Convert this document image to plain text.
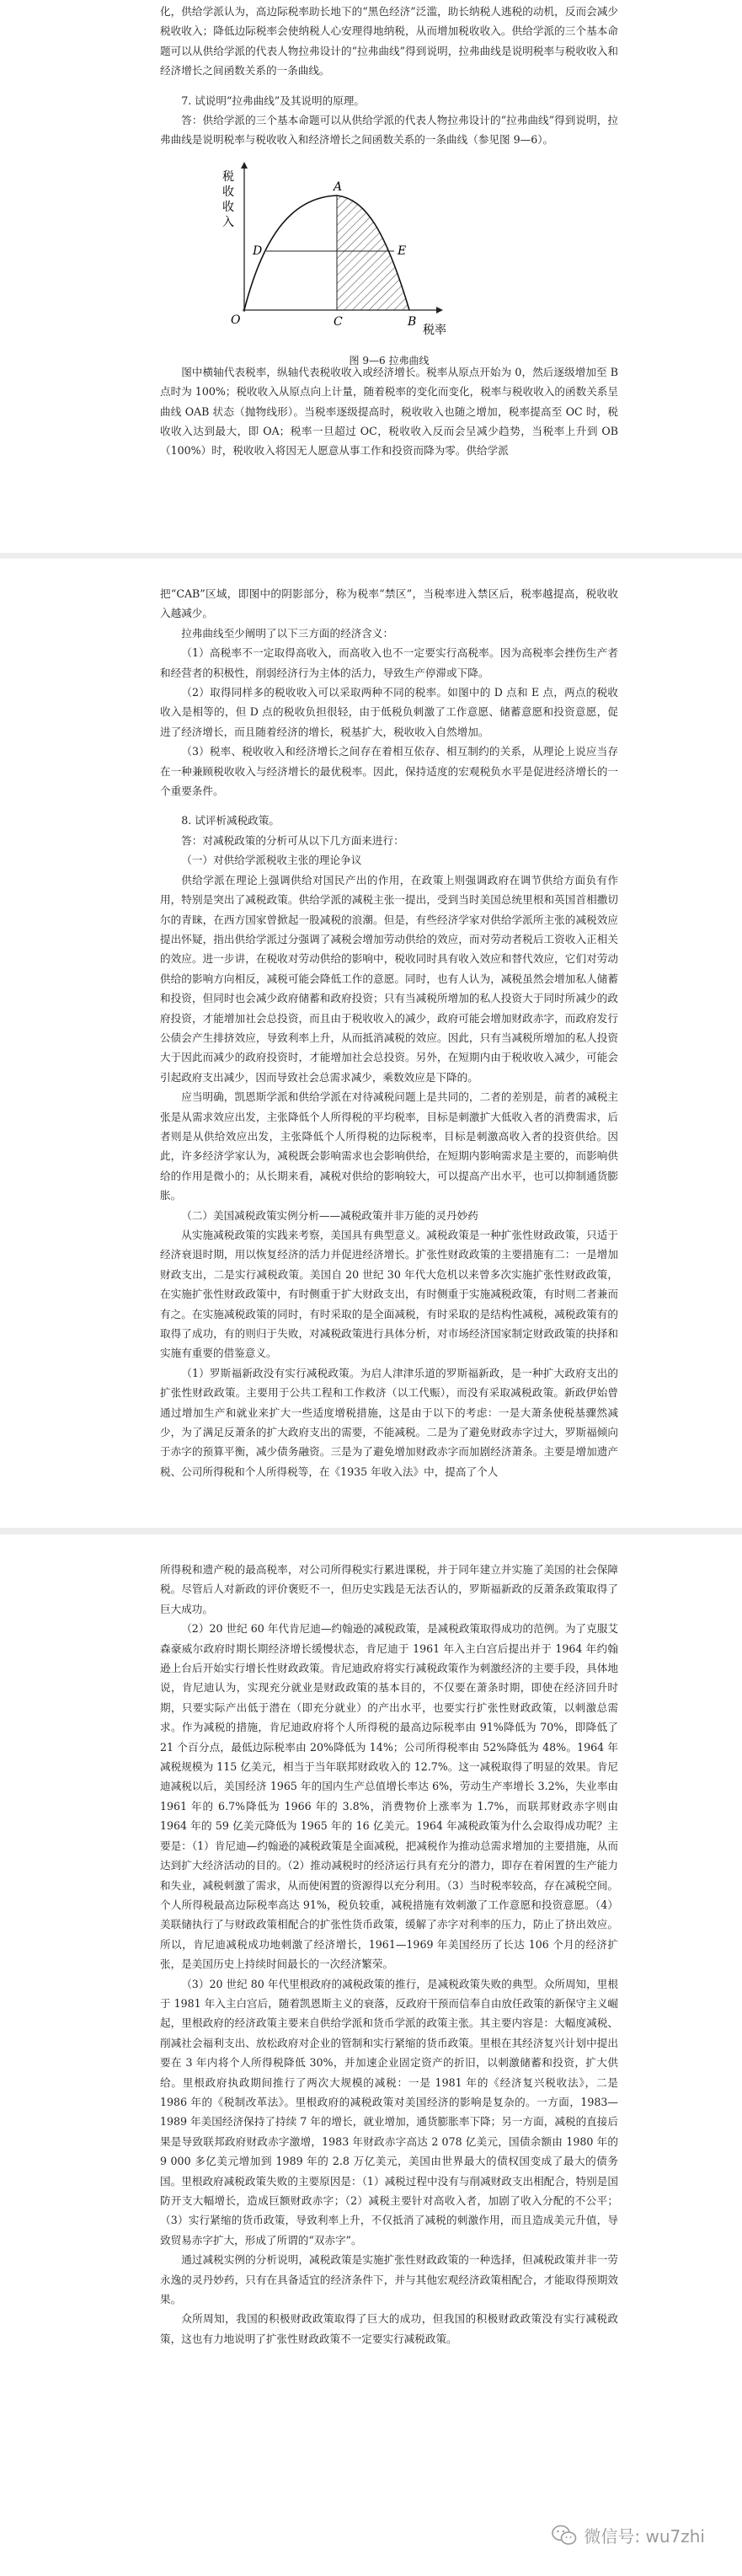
化，供给学派认为，高边际税率助长地下的“黑色经济”泛滥，助长纳税人逃税的动机，反而会减少税收收入；降低边际税率会使纳税人心安理得地纳税，从而增加税收收入。供给学派的三个基本命题可以从供给学派的代表人物拉弗设计的“拉弗曲线”得到说明，拉弗曲线是说明税率与税收收入和经济增长之间函数关系的一条曲线。

7. 试说明“拉弗曲线”及其说明的原理。

答：供给学派的三个基本命题可以从供给学派的代表人物拉弗设计的“拉弗曲线”得到说明，拉弗曲线是说明税率与税收收入和经济增长之间函数关系的一条曲线（参见图 9—6）。

税
收
收
入
A
D	E
O	C	B
税率
图 9—6 拉弗曲线

图中横轴代表税率，纵轴代表税收收入或经济增长。税率从原点开始为 0，然后逐级增加至 B 点时为 100%；税收收入从原点向上计量，随着税率的变化而变化，税率与税收收入的函数关系呈曲线 OAB 状态（抛物线形）。当税率逐级提高时，税收收入也随之增加，税率提高至 OC 时，税收收入达到最大，即 OA；税率一旦超过 OC，税收收入反而会呈减少趋势，当税率上升到 OB（100%）时，税收收入将因无人愿意从事工作和投资而降为零。供给学派

把“CAB”区域，即图中的阴影部分，称为税率“禁区”，当税率进入禁区后，税率越提高，税收收入越减少。

拉弗曲线至少阐明了以下三方面的经济含义：

（1）高税率不一定取得高收入，而高收入也不一定要实行高税率。因为高税率会挫伤生产者和经营者的积极性，削弱经济行为主体的活力，导致生产停滞或下降。

（2）取得同样多的税收收入可以采取两种不同的税率。如图中的 D 点和 E 点，两点的税收收入是相等的，但 D 点的税收负担很轻，由于低税负刺激了工作意愿、储蓄意愿和投资意愿，促进了经济增长，而且随着经济的增长，税基扩大，税收收入自然增加。

（3）税率、税收收入和经济增长之间存在着相互依存、相互制约的关系，从理论上说应当存在一种兼顾税收收入与经济增长的最优税率。因此，保持适度的宏观税负水平是促进经济增长的一个重要条件。

8. 试评析减税政策。

答：对减税政策的分析可从以下几方面来进行：

（一）对供给学派税收主张的理论争议

供给学派在理论上强调供给对国民产出的作用，在政策上则强调政府在调节供给方面负有作用，特别是突出了减税政策。供给学派的减税主张一提出，受到当时美国总统里根和英国首相撒切尔的青睐，在西方国家曾掀起一股减税的浪潮。但是，有些经济学家对供给学派所主张的减税效应提出怀疑，指出供给学派过分强调了减税会增加劳动供给的效应，而对劳动者税后工资收入正相关的效应。进一步讲，在税收对劳动供给的影响中，税收同时具有收入效应和替代效应，它们对劳动供给的影响方向相反，减税可能会降低工作的意愿。同时，也有人认为，减税虽然会增加私人储蓄和投资，但同时也会减少政府储蓄和政府投资；只有当减税所增加的私人投资大于同时所减少的政府投资，才能增加社会总投资，而且由于税收收入的减少，政府可能会增加财政赤字，而政府发行公债会产生排挤效应，导致利率上升，从而抵消减税的效应。因此，只有当减税所增加的私人投资大于因此而减少的政府投资时，才能增加社会总投资。另外，在短期内由于税收收入减少，可能会引起政府支出减少，因而导致社会总需求减少，乘数效应是下降的。

应当明确，凯恩斯学派和供给学派在对待减税问题上是共同的，二者的差别是，前者的减税主张是从需求效应出发，主张降低个人所得税的平均税率，目标是刺激扩大低收入者的消费需求，后者则是从供给效应出发，主张降低个人所得税的边际税率，目标是刺激高收入者的投资供给。因此，许多经济学家认为，减税既会影响需求也会影响供给，在短期内影响需求是主要的，而影响供给的作用是微小的；从长期来看，减税对供给的影响较大，可以提高产出水平，也可以抑制通货膨胀。

（二）美国减税政策实例分析——减税政策并非万能的灵丹妙药

从实施减税政策的实践来考察，美国具有典型意义。减税政策是一种扩张性财政政策，只适于经济衰退时期，用以恢复经济的活力并促进经济增长。扩张性财政政策的主要措施有二：一是增加财政支出，二是实行减税政策。美国自 20 世纪 30 年代大危机以来曾多次实施扩张性财政政策，在实施扩张性财政政策中，有时侧重于扩大财政支出，有时侧重于实施减税政策，有时则二者兼而有之。在实施减税政策的同时，有时采取的是全面减税，有时采取的是结构性减税，减税政策有的取得了成功，有的则归于失败，对减税政策进行具体分析，对市场经济国家制定财政政策的抉择和实施有重要的借鉴意义。

（1）罗斯福新政没有实行减税政策。为启人津津乐道的罗斯福新政，是一种扩大政府支出的扩张性财政政策。主要用于公共工程和工作救济（以工代赈），而没有采取减税政策。新政伊始曾通过增加生产和就业来扩大一些适度增税措施，这是由于以下的考虑：一是大萧条使税基骤然减少，为了满足反萧条的扩大政府支出的需要，不能减税。二是为了避免财政赤字过大，罗斯福倾向于赤字的预算平衡，减少债务融资。三是为了避免增加财政赤字而加剧经济萧条。主要是增加遗产税、公司所得税和个人所得税等，在《1935 年收入法》中，提高了个人

所得税和遗产税的最高税率，对公司所得税实行累进课税，并于同年建立并实施了美国的社会保障税。尽管后人对新政的评价褒贬不一，但历史实践是无法否认的，罗斯福新政的反萧条政策取得了巨大成功。

（2）20 世纪 60 年代肯尼迪—约翰逊的减税政策，是减税政策取得成功的范例。为了克服艾森豪威尔政府时期长期经济增长缓慢状态，肯尼迪于 1961 年入主白宫后提出并于 1964 年约翰逊上台后开始实行增长性财政政策。肯尼迪政府将实行减税政策作为刺激经济的主要手段，具体地说，肯尼迪认为，实现充分就业是财政政策的基本目的，不仅要在萧条时期，即使在经济回升时期，只要实际产出低于潜在（即充分就业）的产出水平，也要实行扩张性财政政策，以刺激总需求。作为减税的措施，肯尼迪政府将个人所得税的最高边际税率由 91%降低为 70%，即降低了 21 个百分点，最低边际税率由 20%降低为 14%；公司所得税率由 52%降低为 48%。1964 年减税规模为 115 亿美元，相当于当年联邦财政收入的 12.7%。这一减税取得了明显的效果。肯尼迪减税以后，美国经济 1965 年的国内生产总值增长率达 6%，劳动生产率增长 3.2%，失业率由 1961 年的 6.7%降低为 1966 年的 3.8%，消费物价上涨率为 1.7%，而联邦财政赤字则由 1964 年的 59 亿美元降低为 1965 年的 16 亿美元。1964 年减税政策为什么会取得成功呢？主要是：（1）肯尼迪—约翰逊的减税政策是全面减税，把减税作为推动总需求增加的主要措施，从而达到扩大经济活动的目的。（2）推动减税时的经济运行具有充分的潜力，即存在着闲置的生产能力和失业，减税刺激了需求，从而使闲置的资源得以充分利用。（3）当时税率较高，存在减税空间。个人所得税最高边际税率高达 91%，税负较重，减税措施有效刺激了工作意愿和投资意愿。（4）美联储执行了与财政政策相配合的扩张性货币政策，缓解了赤字对利率的压力，防止了挤出效应。所以，肯尼迪减税成功地刺激了经济增长，1961—1969 年美国经历了长达 106 个月的经济扩张，是美国历史上持续时间最长的一次经济繁荣。

（3）20 世纪 80 年代里根政府的减税政策的推行，是减税政策失败的典型。众所周知，里根于 1981 年入主白宫后，随着凯恩斯主义的衰落，反政府干预而信奉自由放任政策的新保守主义崛起，里根政府的经济政策主要来自供给学派和货币学派的政策主张。其主要内容是：大幅度减税、削减社会福利支出、放松政府对企业的管制和实行紧缩的货币政策。里根在其经济复兴计划中提出要在 3 年内将个人所得税降低 30%，并加速企业固定资产的折旧，以刺激储蓄和投资，扩大供给。里根政府执政期间推行了两次大规模的减税：一是 1981 年的《经济复兴税收法》，二是 1986 年的《税制改革法》。里根政府的减税政策对美国经济的影响是复杂的。一方面，1983—1989 年美国经济保持了持续 7 年的增长，就业增加，通货膨胀率下降；另一方面，减税的直接后果是导致联邦政府财政赤字激增，1983 年财政赤字高达 2 078 亿美元，国债余额由 1980 年的 9 000 多亿美元增加到 1989 年的 2.8 万亿美元，美国由世界最大的债权国变成了最大的债务国。里根政府减税政策失败的主要原因是：（1）减税过程中没有与削减财政支出相配合，特别是国防开支大幅增长，造成巨额财政赤字；（2）减税主要针对高收入者，加剧了收入分配的不公平；（3）实行紧缩的货币政策，导致利率上升，不仅抵消了减税的刺激作用，而且造成美元升值，导致贸易赤字扩大，形成了所谓的“双赤字”。

通过减税实例的分析说明，减税政策是实施扩张性财政政策的一种选择，但减税政策并非一劳永逸的灵丹妙药，只有在具备适宜的经济条件下，并与其他宏观经济政策相配合，才能取得预期效果。

众所周知，我国的积极财政政策取得了巨大的成功，但我国的积极财政政策没有实行减税政策，这也有力地说明了扩张性财政政策不一定要实行减税政策。

微信号: wu7zhi
